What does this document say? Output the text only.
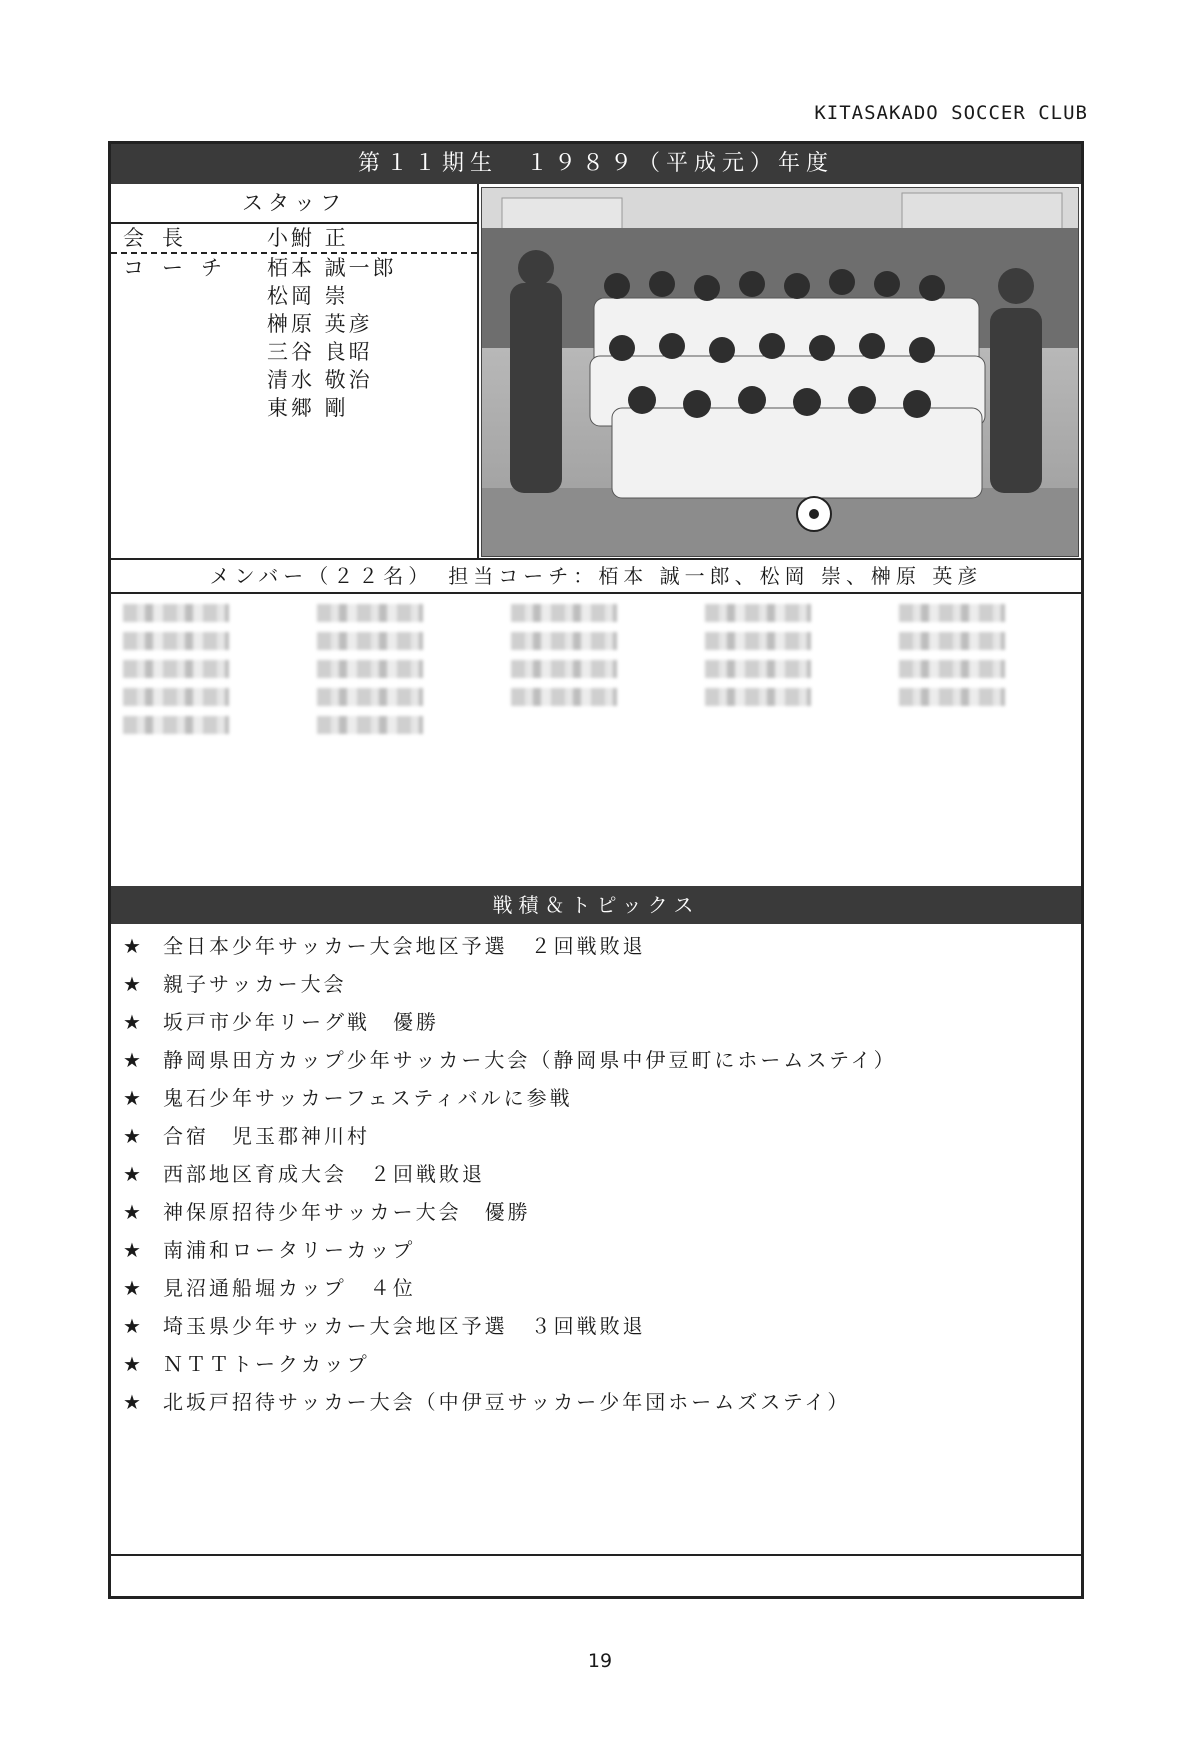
KITASAKADO SOCCER CLUB
第１１期生　１９８９（平成元）年度
スタッフ
会長	小鮒 正
コーチ 栢本 誠一郎
松岡 崇
榊原 英彦
三谷 良昭
清水 敬治
東郷 剛
メンバー（２２名）　担当コーチ：栢本 誠一郎、松岡 崇、榊原 英彦
戦積＆トピックス
★ 全日本少年サッカー大会地区予選　２回戦敗退
★ 親子サッカー大会
★ 坂戸市少年リーグ戦　優勝
★ 静岡県田方カップ少年サッカー大会（静岡県中伊豆町にホームステイ）
★ 鬼石少年サッカーフェスティバルに参戦
★ 合宿　児玉郡神川村
★ 西部地区育成大会　２回戦敗退
★ 神保原招待少年サッカー大会　優勝
★ 南浦和ロータリーカップ
★ 見沼通船堀カップ　４位
★ 埼玉県少年サッカー大会地区予選　３回戦敗退
★ ＮＴＴトークカップ
★ 北坂戸招待サッカー大会（中伊豆サッカー少年団ホームズステイ）
19
